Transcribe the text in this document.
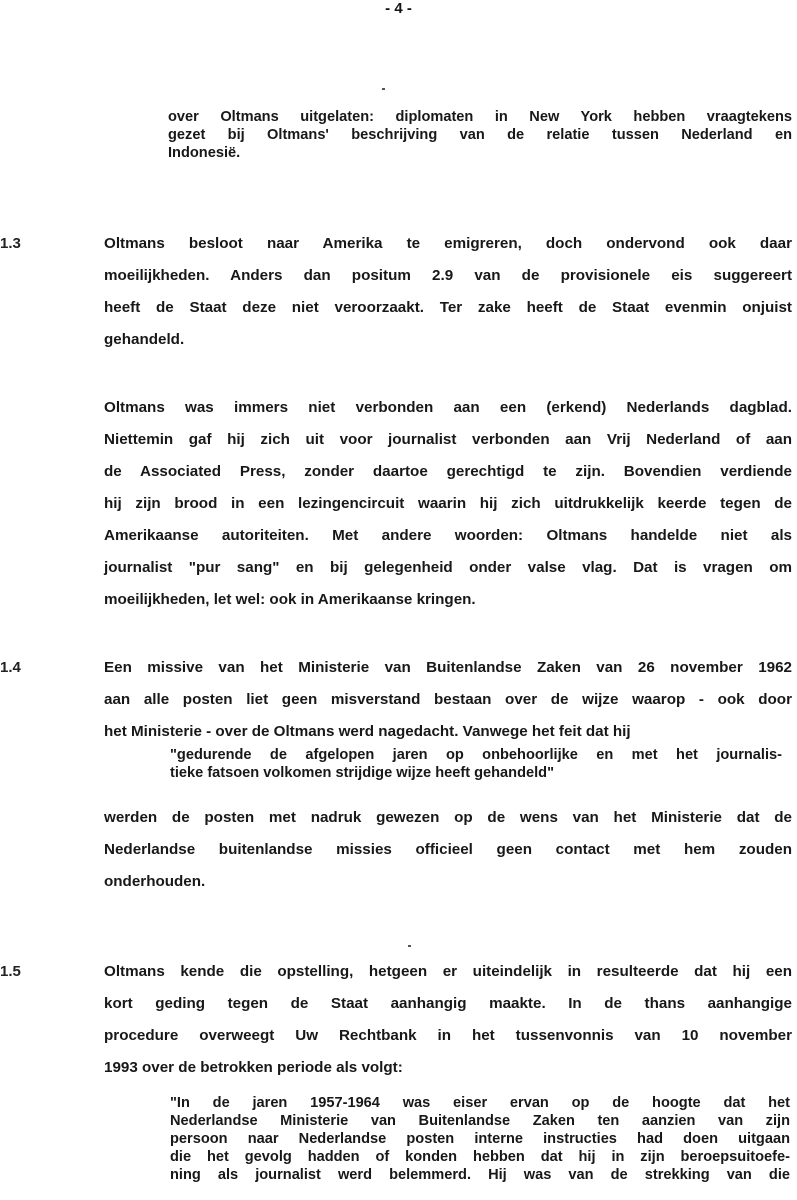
- 4 -
over Oltmans uitgelaten: diplomaten in New York hebben vraagtekens
gezet bij Oltmans' beschrijving van de relatie tussen Nederland en
Indonesië.
1.3	Oltmans besloot naar Amerika te emigreren, doch ondervond ook daar
moeilijkheden. Anders dan positum 2.9 van de provisionele eis suggereert
heeft de Staat deze niet veroorzaakt. Ter zake heeft de Staat evenmin onjuist
gehandeld.
Oltmans was immers niet verbonden aan een (erkend) Nederlands dagblad.
Niettemin gaf hij zich uit voor journalist verbonden aan Vrij Nederland of aan
de Associated Press, zonder daartoe gerechtigd te zijn. Bovendien verdiende
hij zijn brood in een lezingencircuit waarin hij zich uitdrukkelijk keerde tegen de
Amerikaanse autoriteiten. Met andere woorden: Oltmans handelde niet als
journalist "pur sang" en bij gelegenheid onder valse vlag. Dat is vragen om
moeilijkheden, let wel: ook in Amerikaanse kringen.
1.4	Een missive van het Ministerie van Buitenlandse Zaken van 26 november 1962
aan alle posten liet geen misverstand bestaan over de wijze waarop - ook door
het Ministerie - over de Oltmans werd nagedacht. Vanwege het feit dat hij
"gedurende de afgelopen jaren op onbehoorlijke en met het journalis-
tieke fatsoen volkomen strijdige wijze heeft gehandeld"
werden de posten met nadruk gewezen op de wens van het Ministerie dat de
Nederlandse buitenlandse missies officieel geen contact met hem zouden
onderhouden.
1.5	Oltmans kende die opstelling, hetgeen er uiteindelijk in resulteerde dat hij een
kort geding tegen de Staat aanhangig maakte. In de thans aanhangige
procedure overweegt Uw Rechtbank in het tussenvonnis van 10 november
1993 over de betrokken periode als volgt:
"In de jaren 1957-1964 was eiser ervan op de hoogte dat het
Nederlandse Ministerie van Buitenlandse Zaken ten aanzien van zijn
persoon naar Nederlandse posten interne instructies had doen uitgaan
die het gevolg hadden of konden hebben dat hij in zijn beroepsuitoefe-
ning als journalist werd belemmerd. Hij was van de strekking van die
